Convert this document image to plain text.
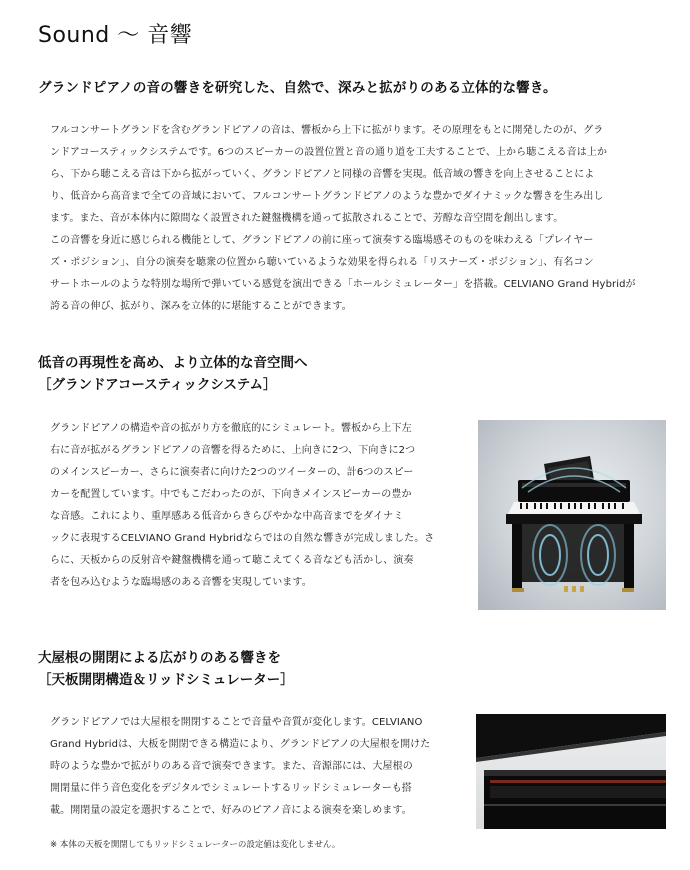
Sound 〜 音響
グランドピアノの音の響きを研究した、自然で、深みと拡がりのある立体的な響き。

フルコンサートグランドを含むグランドピアノの音は、響板から上下に拡がります。その原理をもとに開発したのが、グラ

ンドアコースティックシステムです。6つのスピーカーの設置位置と音の通り道を工夫することで、上から聴こえる音は上か

ら、下から聴こえる音は下から拡がっていく、グランドピアノと同様の音響を実現。低音域の響きを向上させることによ

り、低音から高音まで全ての音域において、フルコンサートグランドピアノのような豊かでダイナミックな響きを生み出し

ます。また、音が本体内に隙間なく設置された鍵盤機構を通って拡散されることで、芳醇な音空間を創出します。

この音響を身近に感じられる機能として、グランドピアノの前に座って演奏する臨場感そのものを味わえる「プレイヤー

ズ・ポジション」、自分の演奏を聴衆の位置から聴いているような効果を得られる「リスナーズ・ポジション」、有名コン

サートホールのような特別な場所で弾いている感覚を演出できる「ホールシミュレーター」を搭載。CELVIANO Grand Hybridが

誇る音の伸び、拡がり、深みを立体的に堪能することができます。

低音の再現性を高め、より立体的な音空間へ
［グランドアコースティックシステム］

グランドピアノの構造や音の拡がり方を徹底的にシミュレート。響板から上下左

右に音が拡がるグランドピアノの音響を得るために、上向きに2つ、下向きに2つ

のメインスピーカー、さらに演奏者に向けた2つのツイーターの、計6つのスピー

カーを配置しています。中でもこだわったのが、下向きメインスピーカーの豊か

な音感。これにより、重厚感ある低音からきらびやかな中高音までをダイナミ

ックに表現するCELVIANO Grand Hybridならではの自然な響きが完成しました。さ

らに、天板からの反射音や鍵盤機構を通って聴こえてくる音なども活かし、演奏

者を包み込むような臨場感のある音響を実現しています。

大屋根の開閉による広がりのある響きを
［天板開閉構造＆リッドシミュレーター］

グランドピアノでは大屋根を開閉することで音量や音質が変化します。CELVIANO

Grand Hybridは、大板を開閉できる構造により、グランドピアノの大屋根を開けた

時のような豊かで拡がりのある音で演奏できます。また、音源部には、大屋根の

開閉量に伴う音色変化をデジタルでシミュレートするリッドシミュレーターも搭

載。開閉量の設定を選択することで、好みのピアノ音による演奏を楽しめます。

※ 本体の天板を開閉してもリッドシミュレーターの設定値は変化しません。
